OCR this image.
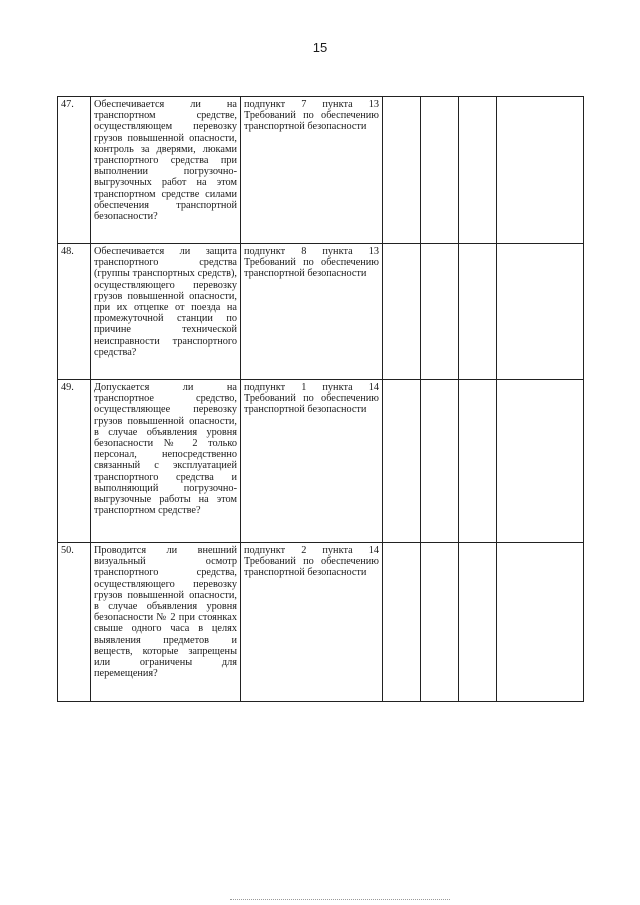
15
47.	Обеспечивается ли на транспортном средстве, осуществляющем перевозку грузов повышенной опасности, контроль за дверями, люками транспортного средства при выполнении погрузочно-выгрузочных работ на этом транспортном средстве силами обеспечения транспортной безопасности?	подпункт 7 пункта 13 Требований по обеспечению транспортной безопасности				
48.	Обеспечивается ли защита транспортного средства (группы транспортных средств), осуществляющего перевозку грузов повышенной опасности, при их отцепке от поезда на промежуточной станции по причине технической неисправности транспортного средства?	подпункт 8 пункта 13 Требований по обеспечению транспортной безопасности				
49.	Допускается ли на транспортное средство, осуществляющее перевозку грузов повышенной опасности, в случае объявления уровня безопасности № 2 только персонал, непосредственно связанный с эксплуатацией транспортного средства и выполняющий погрузочно-выгрузочные работы на этом транспортном средстве?	подпункт 1 пункта 14 Требований по обеспечению транспортной безопасности				
50.	Проводится ли внешний визуальный осмотр транспортного средства, осуществляющего перевозку грузов повышенной опасности, в случае объявления уровня безопасности № 2 при стоянках свыше одного часа в целях выявления предметов и веществ, которые запрещены или ограничены для перемещения?	подпункт 2 пункта 14 Требований по обеспечению транспортной безопасности				
